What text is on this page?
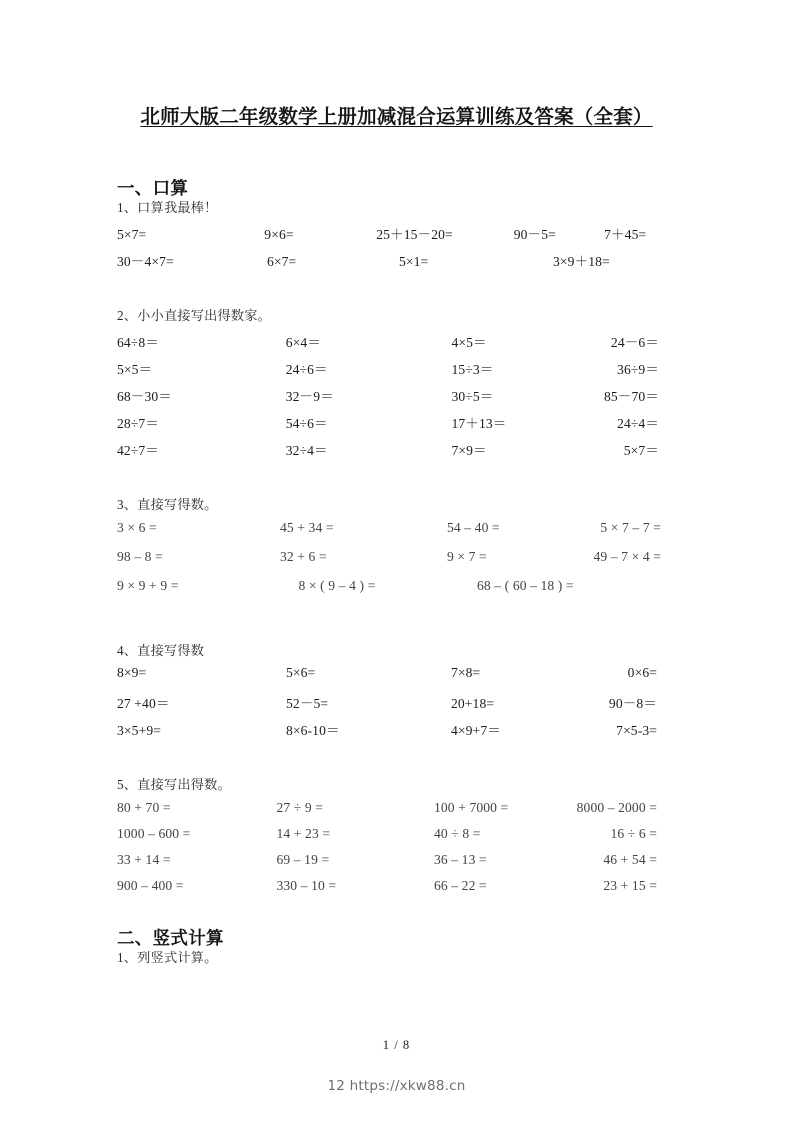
北师大版二年级数学上册加减混合运算训练及答案（全套）
一、口算
1、口算我最棒！
5×7=	9×6=	25＋15－20=	90－5=	7＋45=
30－4×7=	6×7=	5×1=	3×9＋18=
2、小小直接写出得数家。
64÷8＝	6×4＝	4×5＝	24－6＝
5×5＝	24÷6＝	15÷3＝	36÷9＝
68－30＝	32－9＝	30÷5＝	85－70＝
28÷7＝	54÷6＝	17＋13＝	24÷4＝
42÷7＝	32÷4＝	7×9＝	5×7＝
3、直接写得数。
3 × 6 =	45 + 34 =	54 – 40 =	5 × 7 – 7 =
98 – 8 =	32 + 6 =	9 × 7 =	49 – 7 × 4 =
9 × 9 + 9 =	8 × ( 9 – 4 ) =	68 – ( 60 – 18 ) =
4、直接写得数
8×9=	5×6=	7×8=	0×6=
27 +40＝	52－5=	20+18=	90－8＝
3×5+9=	8×6-10＝	4×9+7＝	7×5-3=
5、直接写出得数。
80 + 70 =	27 ÷ 9 =	100 + 7000 =	8000 – 2000 =
1000 – 600 =	14 + 23 =	40 ÷ 8 =	16 ÷ 6 =
33 + 14 =	69 – 19 =	36 – 13 =	46 + 54 =
900 – 400 =	330 – 10 =	66 – 22 =	23 + 15 =
二、竖式计算
1、列竖式计算。
1 / 8
12 https://xkw88.cn
